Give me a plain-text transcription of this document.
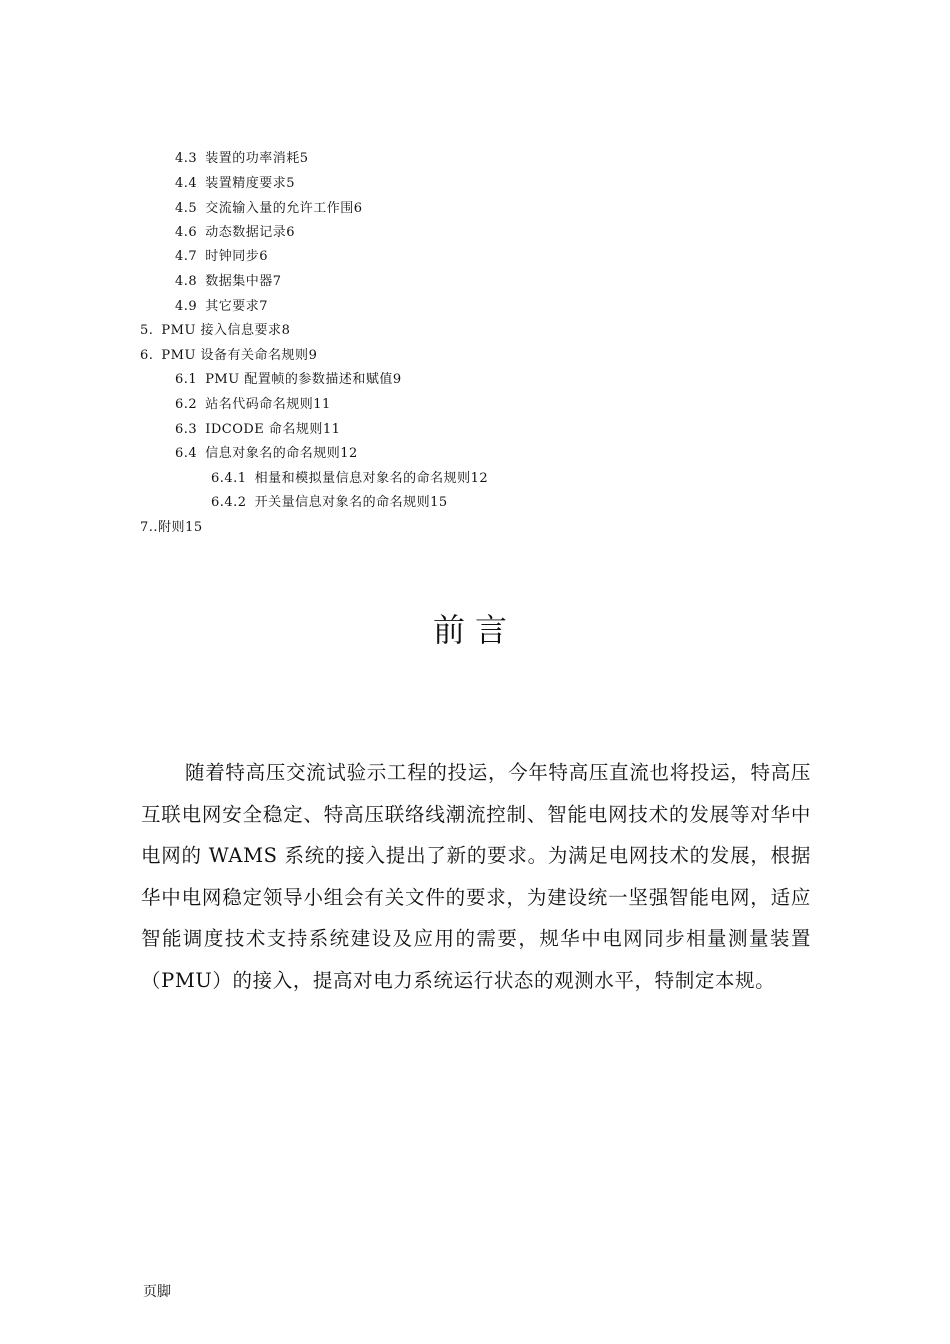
4.3 装置的功率消耗5
4.4 装置精度要求5
4.5 交流输入量的允许工作围6
4.6 动态数据记录6
4.7 时钟同步6
4.8 数据集中器7
4.9 其它要求7
5. PMU 接入信息要求8
6. PMU 设备有关命名规则9
6.1 PMU 配置帧的参数描述和赋值9
6.2 站名代码命名规则11
6.3 IDCODE 命名规则11
6.4 信息对象名的命名规则12
6.4.1 相量和模拟量信息对象名的命名规则12
6.4.2 开关量信息对象名的命名规则15
7..附则15
前言
随着特高压交流试验示工程的投运，今年特高压直流也将投运，特高压互联电网安全稳定、特高压联络线潮流控制、智能电网技术的发展等对华中电网的 WAMS 系统的接入提出了新的要求。为满足电网技术的发展，根据华中电网稳定领导小组会有关文件的要求，为建设统一坚强智能电网，适应智能调度技术支持系统建设及应用的需要，规华中电网同步相量测量装置（PMU）的接入，提高对电力系统运行状态的观测水平，特制定本规。
页脚
